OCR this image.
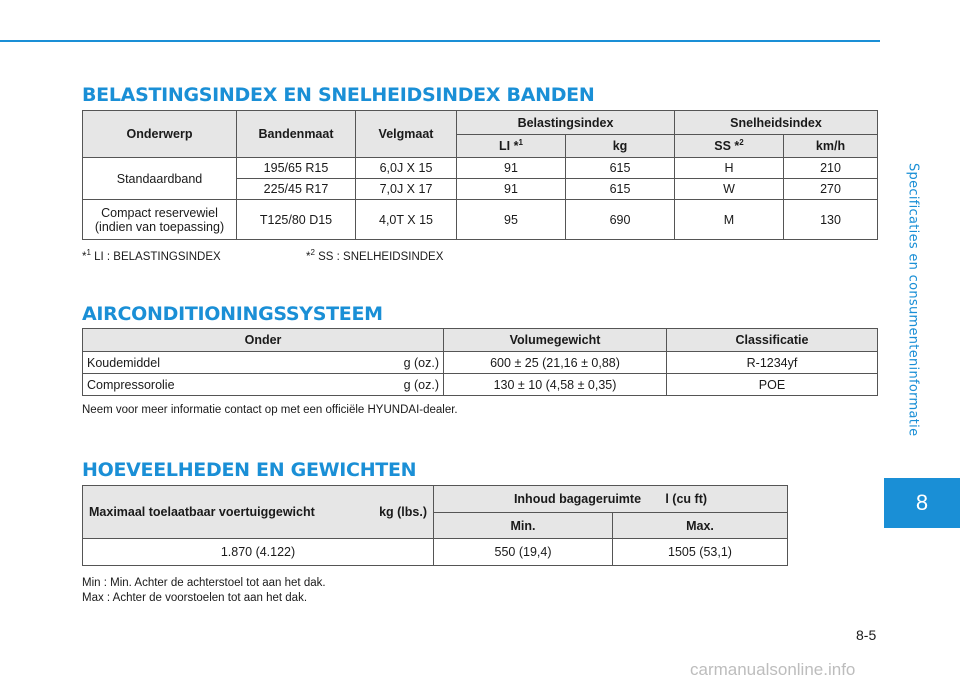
Specificaties en consumenteninformatie
8
BELASTINGSINDEX EN SNELHEIDSINDEX BANDEN
Onderwerp	Bandenmaat	Velgmaat	Belastingsindex		Snelheidsindex	
			LI *$^1$	kg	SS *$^2$	km/h
Standaardband	195/65 R15	6,0J X 15	91	615	H	210
	225/45 R17	7,0J X 17	91	615	W	270

Compact reservewiel
(indien van toepassing)	T125/80 D15	4,0T X 15	95	690	M	130
*$^1$ LI : BELASTINGSINDEX	*$^2$ SS : SNELHEIDSINDEX
AIRCONDITIONINGSSYSTEEM
Onder	Volumegewicht	Classificatie

Koudemiddel g (oz.)	600 ± 25 (21,16 ± 0,88)	R-1234yf

Compressorolie g (oz.)	130 ± 10 (4,58 ± 0,35)	POE
Neem voor meer informatie contact op met een officiële HYUNDAI-dealer.
HOEVEELHEDEN EN GEWICHTEN
Maximaal toelaatbaar voertuiggewicht kg (lbs.)	Inhoud bagageruimte l (cu ft)	
	Min.	Max.
1.870 (4.122)	550 (19,4)	1505 (53,1)
Min : Min. Achter de achterstoel tot aan het dak.
Max : Achter de voorstoelen tot aan het dak.
8-5
carmanualsonline.info
